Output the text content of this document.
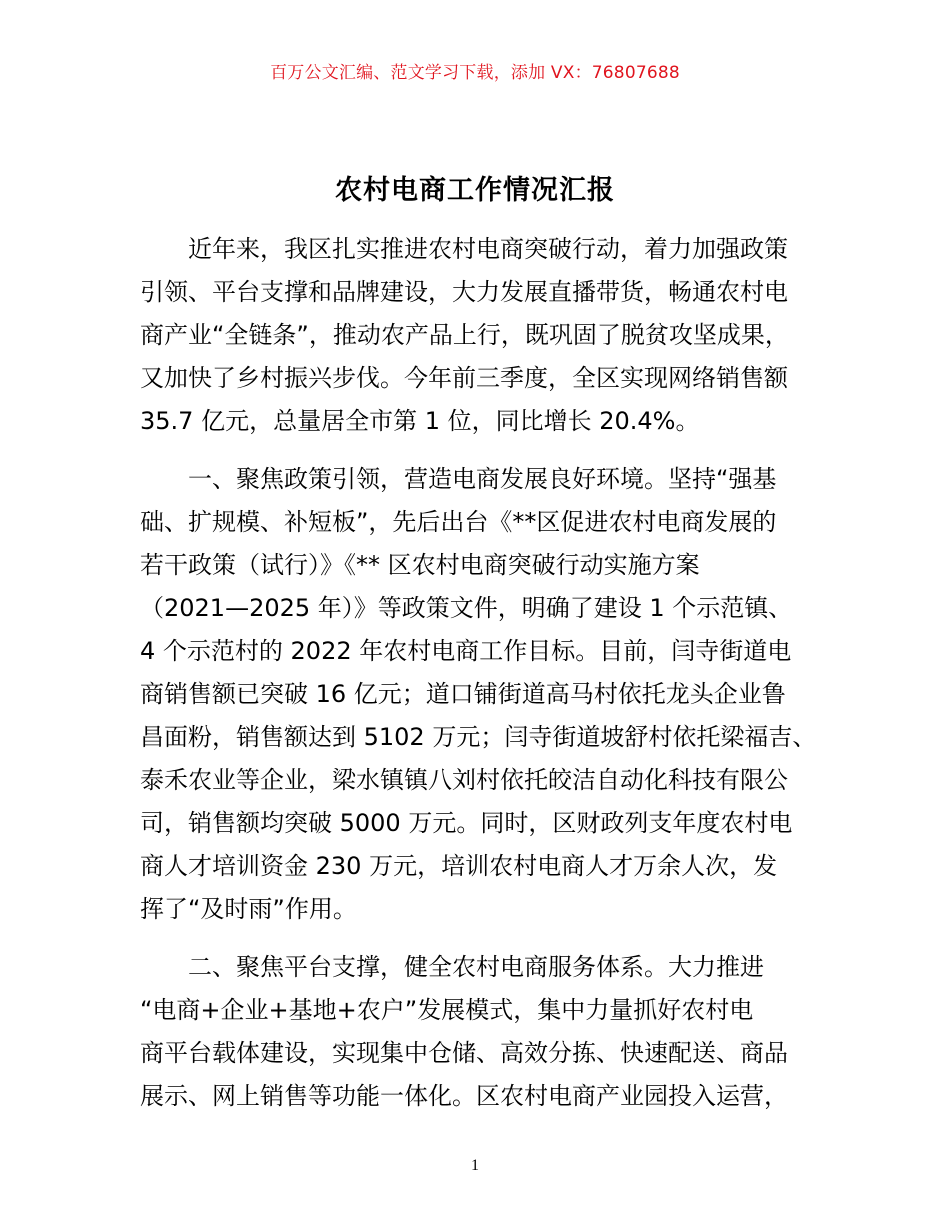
百万公文汇编、范文学习下载，添加 VX：76807688
农村电商工作情况汇报
近年来，我区扎实推进农村电商突破行动，着力加强政策
引领、平台支撑和品牌建设，大力发展直播带货，畅通农村电
商产业“全链条”，推动农产品上行，既巩固了脱贫攻坚成果，
又加快了乡村振兴步伐。今年前三季度，全区实现网络销售额
35.7 亿元，总量居全市第 1 位，同比增长 20.4%。
一、聚焦政策引领，营造电商发展良好环境。坚持“强基
础、扩规模、补短板”，先后出台《**区促进农村电商发展的
若干政策（试行）》《** 区农村电商突破行动实施方案
（2021—2025 年）》等政策文件，明确了建设 1 个示范镇、
4 个示范村的 2022 年农村电商工作目标。目前，闫寺街道电
商销售额已突破 16 亿元；道口铺街道高马村依托龙头企业鲁
昌面粉，销售额达到 5102 万元；闫寺街道坡舒村依托梁福吉、
泰禾农业等企业，梁水镇镇八刘村依托皎洁自动化科技有限公
司，销售额均突破 5000 万元。同时，区财政列支年度农村电
商人才培训资金 230 万元，培训农村电商人才万余人次，发
挥了“及时雨”作用。
二、聚焦平台支撑，健全农村电商服务体系。大力推进
“电商+企业+基地+农户”发展模式，集中力量抓好农村电
商平台载体建设，实现集中仓储、高效分拣、快速配送、商品
展示、网上销售等功能一体化。区农村电商产业园投入运营，
1
